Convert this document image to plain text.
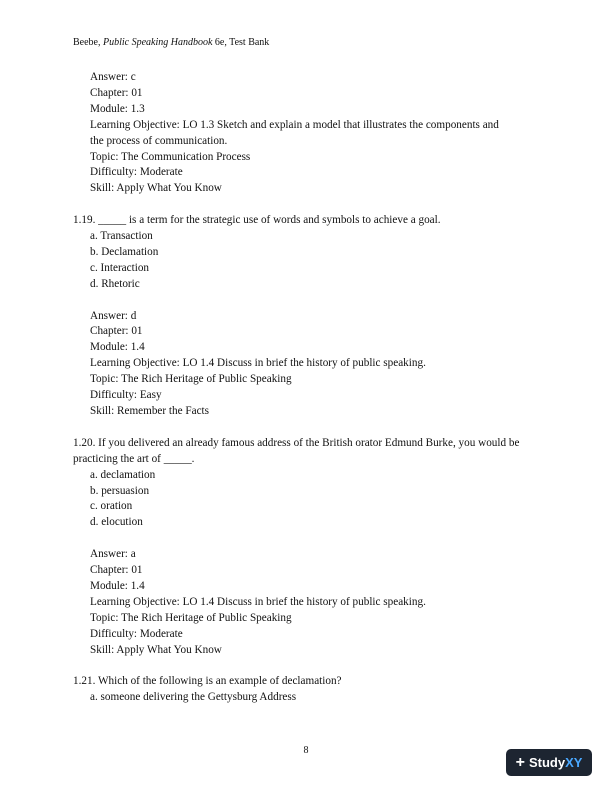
Beebe, Public Speaking Handbook 6e, Test Bank
Answer: c
Chapter: 01
Module: 1.3
Learning Objective: LO 1.3 Sketch and explain a model that illustrates the components and
the process of communication.
Topic: The Communication Process
Difficulty: Moderate
Skill: Apply What You Know
1.19. _____ is a term for the strategic use of words and symbols to achieve a goal.
a. Transaction
b. Declamation
c. Interaction
d. Rhetoric
Answer: d
Chapter: 01
Module: 1.4
Learning Objective: LO 1.4 Discuss in brief the history of public speaking.
Topic: The Rich Heritage of Public Speaking
Difficulty: Easy
Skill: Remember the Facts
1.20. If you delivered an already famous address of the British orator Edmund Burke, you would be practicing the art of _____.
a. declamation
b. persuasion
c. oration
d. elocution
Answer: a
Chapter: 01
Module: 1.4
Learning Objective: LO 1.4 Discuss in brief the history of public speaking.
Topic: The Rich Heritage of Public Speaking
Difficulty: Moderate
Skill: Apply What You Know
1.21. Which of the following is an example of declamation?
a. someone delivering the Gettysburg Address
8
+ Study XY
